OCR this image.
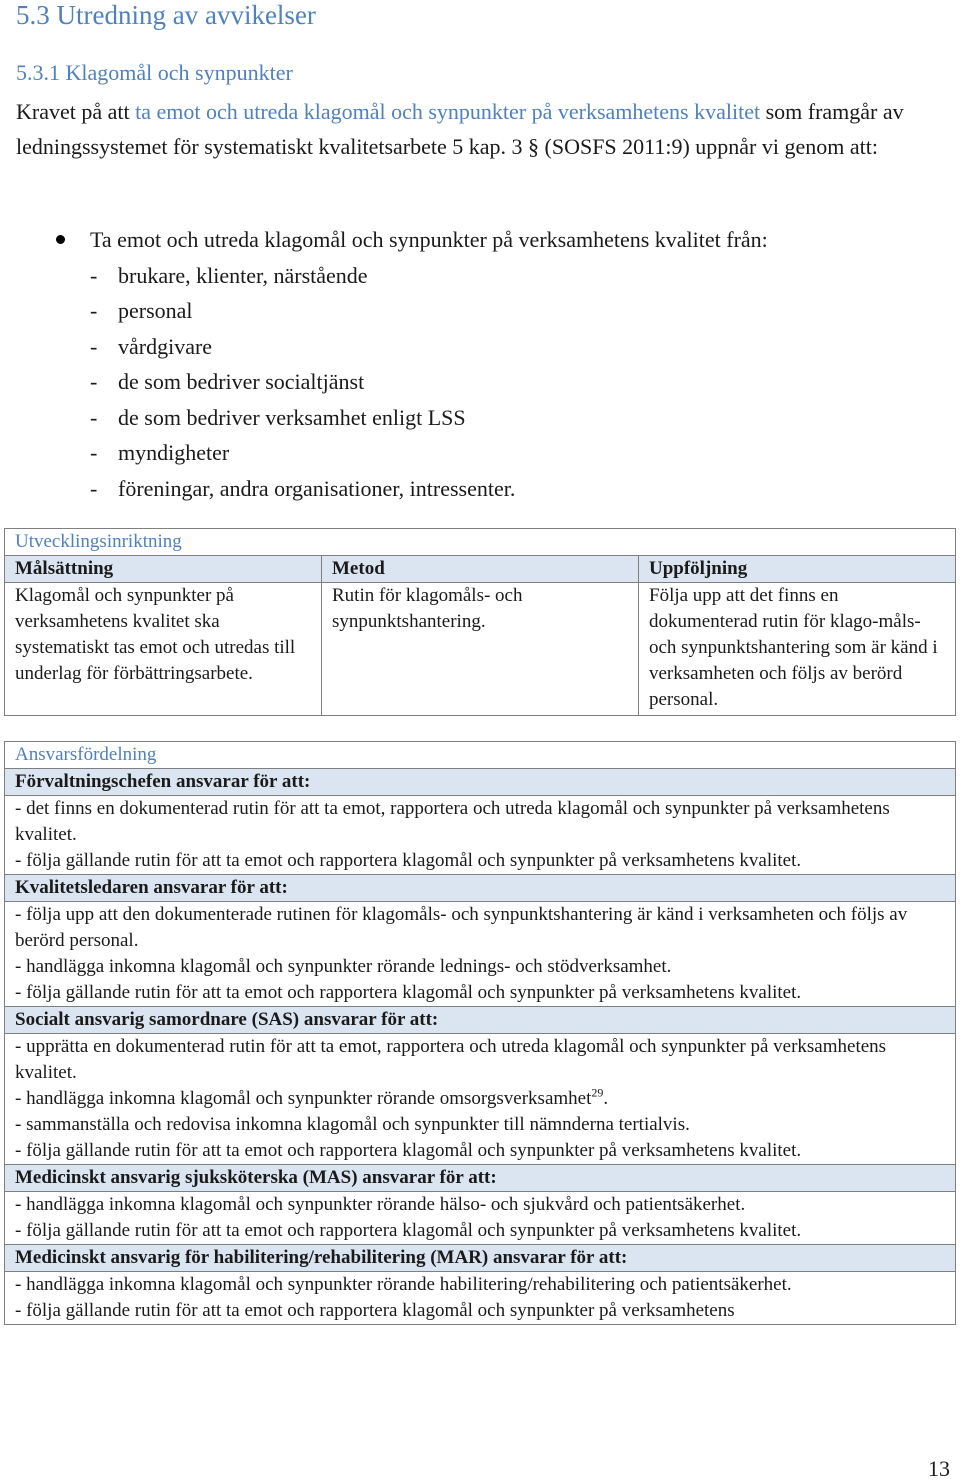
5.3 Utredning av avvikelser
5.3.1 Klagomål och synpunkter
Kravet på att ta emot och utreda klagomål och synpunkter på verksamhetens kvalitet som framgår av ledningssystemet för systematiskt kvalitetsarbete 5 kap. 3 § (SOSFS 2011:9) uppnår vi genom att:
Ta emot och utreda klagomål och synpunkter på verksamhetens kvalitet från:
- brukare, klienter, närstående
- personal
- vårdgivare
- de som bedriver socialtjänst
- de som bedriver verksamhet enligt LSS
- myndigheter
- föreningar, andra organisationer, intressenter.
Utvecklingsinriktning		
Målsättning	Metod	Uppföljning
Klagomål och synpunkter på verksamhetens kvalitet ska systematiskt tas emot och utredas till underlag för förbättringsarbete.	Rutin för klagomåls- och synpunktshantering.	Följa upp att det finns en dokumenterad rutin för klago-måls- och synpunktshantering som är känd i verksamheten och följs av berörd personal.
Ansvarsfördelning
Förvaltningschefen ansvarar för att:

- det finns en dokumenterad rutin för att ta emot, rapportera och utreda klagomål och synpunkter på verksamhetens kvalitet.
- följa gällande rutin för att ta emot och rapportera klagomål och synpunkter på verksamhetens kvalitet.

Kvalitetsledaren ansvarar för att:

- följa upp att den dokumenterade rutinen för klagomåls- och synpunktshantering är känd i verksamheten och följs av berörd personal.
- handlägga inkomna klagomål och synpunkter rörande lednings- och stödverksamhet.
- följa gällande rutin för att ta emot och rapportera klagomål och synpunkter på verksamhetens kvalitet.

Socialt ansvarig samordnare (SAS) ansvarar för att:

- upprätta en dokumenterad rutin för att ta emot, rapportera och utreda klagomål och synpunkter på verksamhetens kvalitet.
- handlägga inkomna klagomål och synpunkter rörande omsorgsverksamhet$^{29}$.
- sammanställa och redovisa inkomna klagomål och synpunkter till nämnderna tertialvis.
- följa gällande rutin för att ta emot och rapportera klagomål och synpunkter på verksamhetens kvalitet.

Medicinskt ansvarig sjuksköterska (MAS) ansvarar för att:

- handlägga inkomna klagomål och synpunkter rörande hälso- och sjukvård och patientsäkerhet.
- följa gällande rutin för att ta emot och rapportera klagomål och synpunkter på verksamhetens kvalitet.

Medicinskt ansvarig för habilitering/rehabilitering (MAR) ansvarar för att:

- handlägga inkomna klagomål och synpunkter rörande habilitering/rehabilitering och patientsäkerhet.
- följa gällande rutin för att ta emot och rapportera klagomål och synpunkter på verksamhetens
13
